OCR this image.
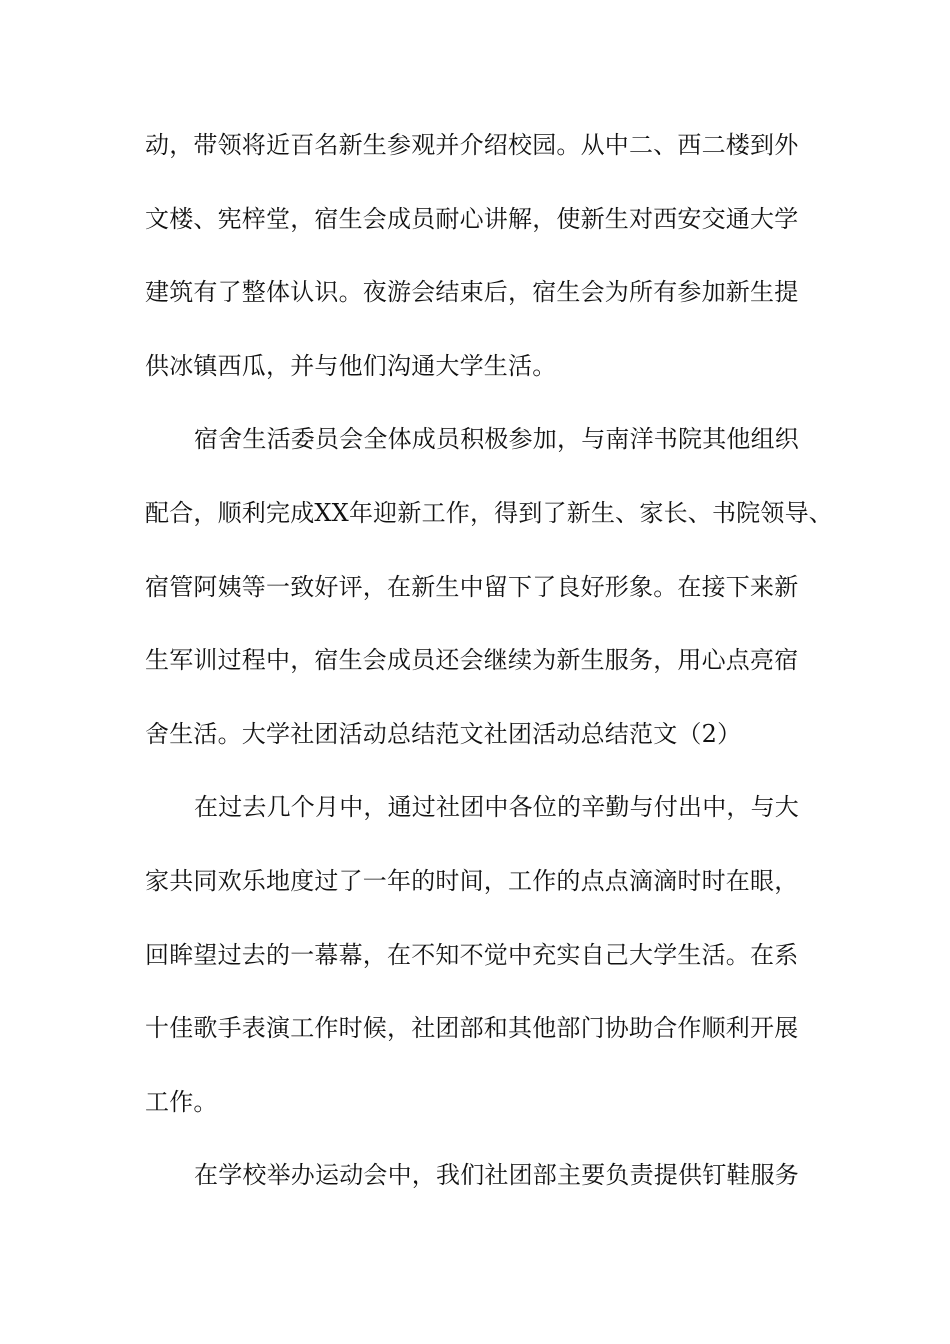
动，带领将近百名新生参观并介绍校园。从中二、西二楼到外
文楼、宪梓堂，宿生会成员耐心讲解，使新生对西安交通大学
建筑有了整体认识。夜游会结束后，宿生会为所有参加新生提
供冰镇西瓜，并与他们沟通大学生活。
宿舍生活委员会全体成员积极参加，与南洋书院其他组织
配合，顺利完成XX年迎新工作，得到了新生、家长、书院领导、
宿管阿姨等一致好评，在新生中留下了良好形象。在接下来新
生军训过程中，宿生会成员还会继续为新生服务，用心点亮宿
舍生活。大学社团活动总结范文社团活动总结范文（2）
在过去几个月中，通过社团中各位的辛勤与付出中，与大
家共同欢乐地度过了一年的时间，工作的点点滴滴时时在眼，
回眸望过去的一幕幕，在不知不觉中充实自己大学生活。在系
十佳歌手表演工作时候，社团部和其他部门协助合作顺利开展
工作。
在学校举办运动会中，我们社团部主要负责提供钉鞋服务
